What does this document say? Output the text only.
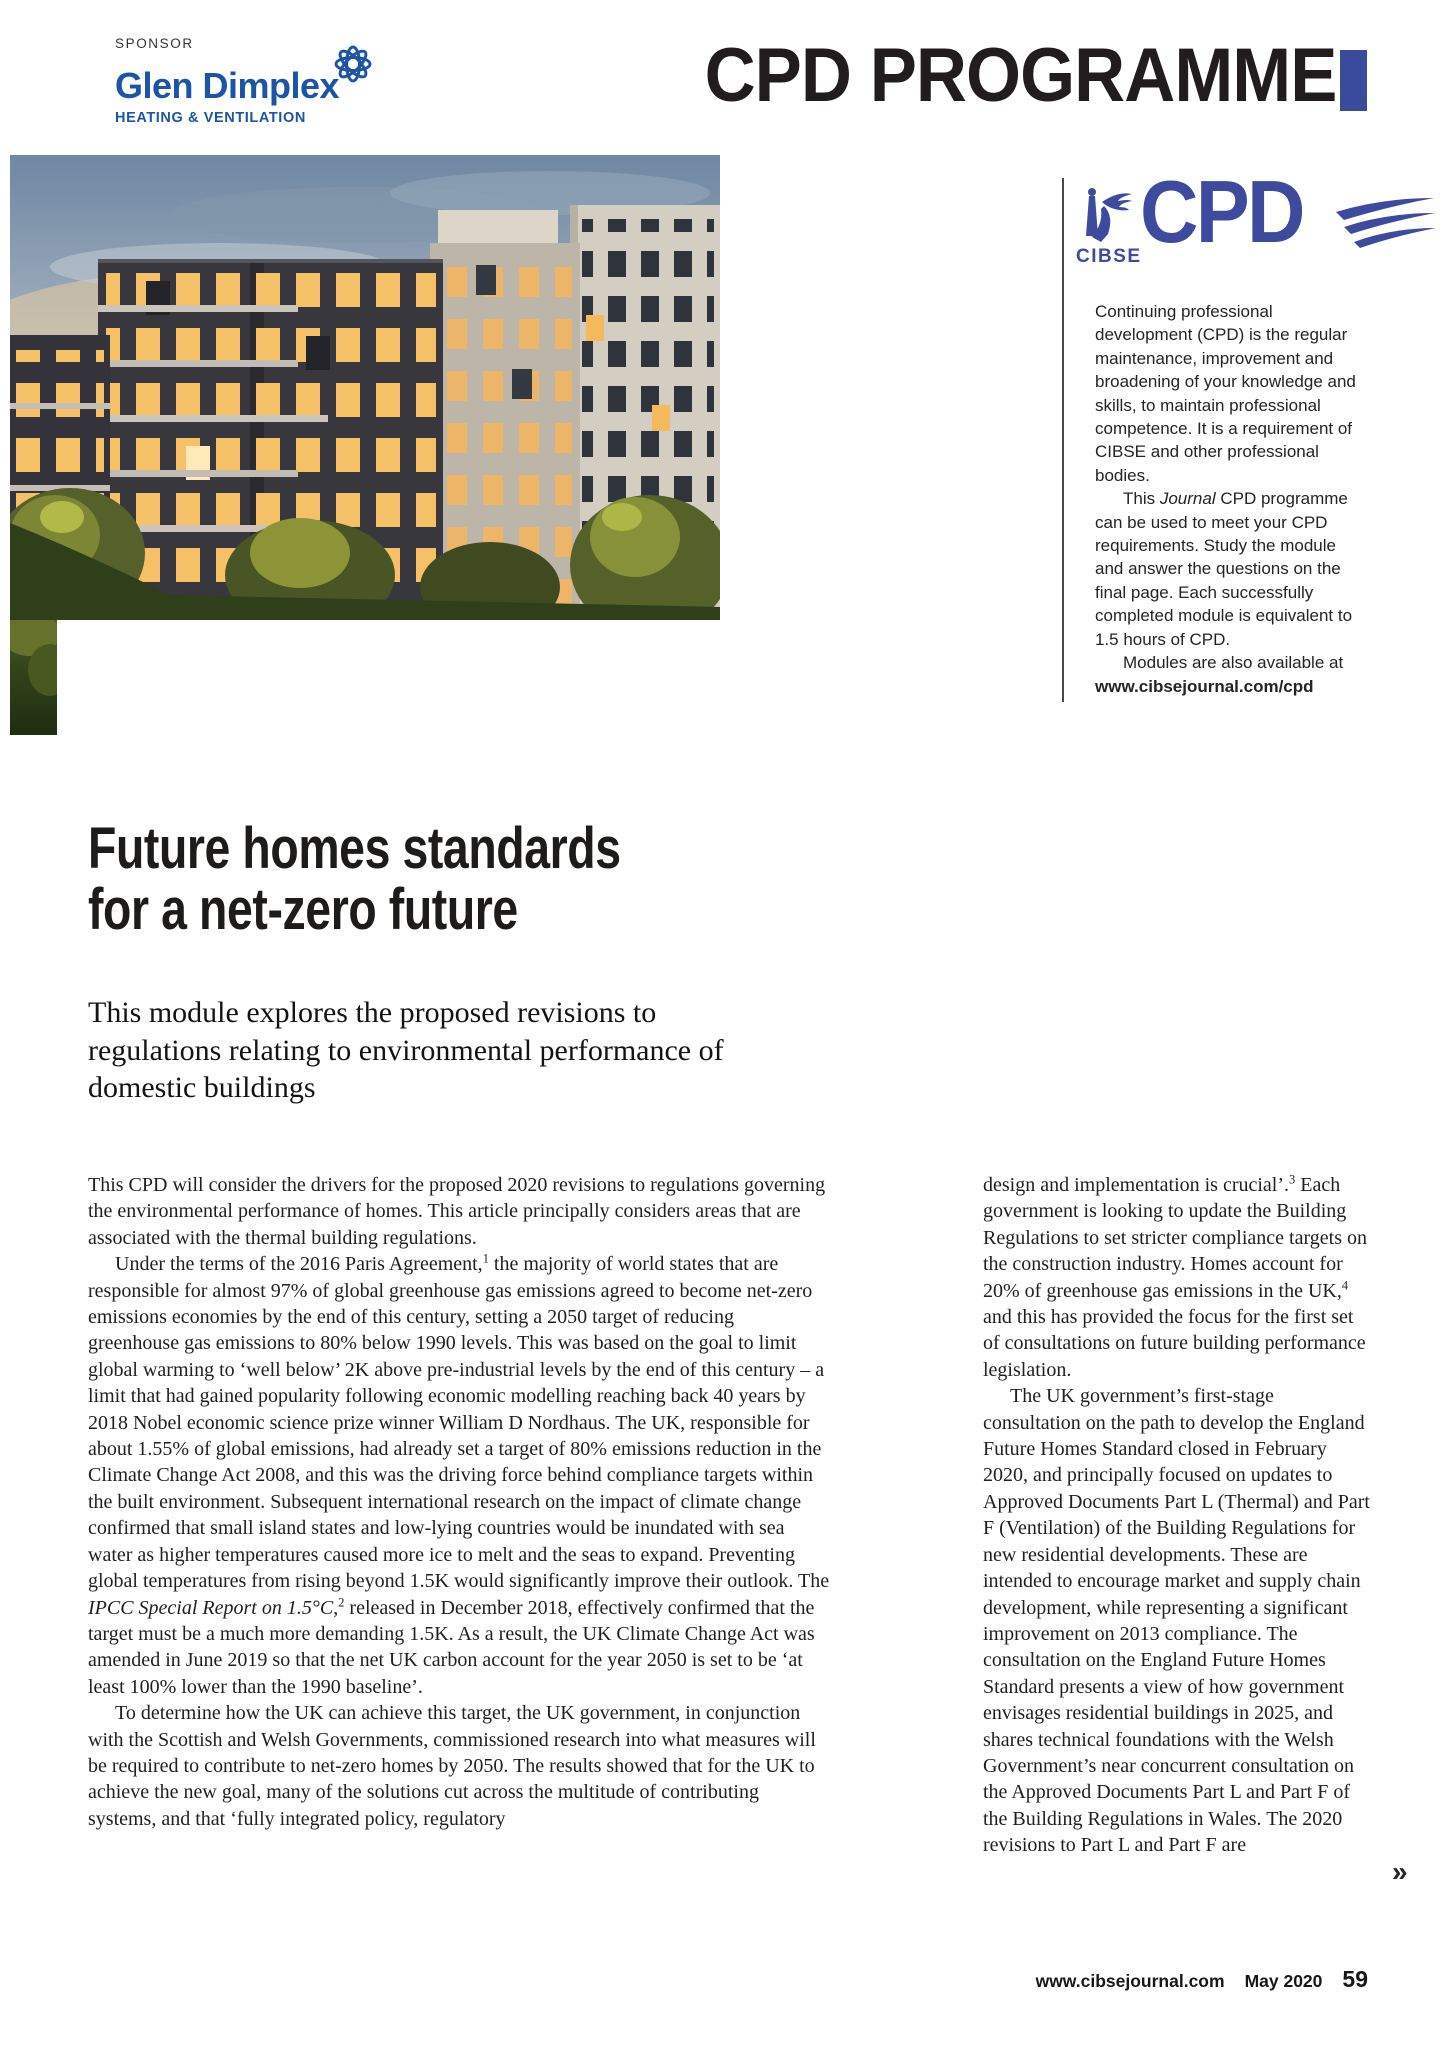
SPONSOR
Glen Dimplex
HEATING & VENTILATION	CPD PROGRAMME
CIBSE
CPD

Continuing professional development (CPD) is the regular maintenance, improvement and broadening of your knowledge and skills, to maintain professional competence. It is a requirement of CIBSE and other professional bodies.

This Journal CPD programme can be used to meet your CPD requirements. Study the module and answer the questions on the final page. Each successfully completed module is equivalent to 1.5 hours of CPD.

Modules are also available at www.cibsejournal.com/cpd

Future homes standards
for a net-zero future
This module explores the proposed revisions to regulations relating to environmental performance of domestic buildings

This CPD will consider the drivers for the proposed 2020 revisions to regulations governing the environmental performance of homes. This article principally considers areas that are associated with the thermal building regulations.

Under the terms of the 2016 Paris Agreement,$^1$ the majority of world states that are responsible for almost 97% of global greenhouse gas emissions agreed to become net-zero emissions economies by the end of this century, setting a 2050 target of reducing greenhouse gas emissions to 80% below 1990 levels. This was based on the goal to limit global warming to ‘well below’ 2K above pre-industrial levels by the end of this century – a limit that had gained popularity following economic modelling reaching back 40 years by 2018 Nobel economic science prize winner William D Nordhaus. The UK, responsible for about 1.55% of global emissions, had already set a target of 80% emissions reduction in the Climate Change Act 2008, and this was the driving force behind compliance targets within the built environment. Subsequent international research on the impact of climate change confirmed that small island states and low-lying countries would be inundated with sea water as higher temperatures caused more ice to melt and the seas to expand. Preventing global temperatures from rising beyond 1.5K would significantly improve their outlook. The IPCC Special Report on 1.5°C,$^2$ released in December 2018, effectively confirmed that the target must be a much more demanding 1.5K. As a result, the UK Climate Change Act was amended in June 2019 so that the net UK carbon account for the year 2050 is set to be ‘at least 100% lower than the 1990 baseline’.

To determine how the UK can achieve this target, the UK government, in conjunction with the Scottish and Welsh Governments, commissioned research into what measures will be required to contribute to net-zero homes by 2050. The results showed that for the UK to achieve the new goal, many of the solutions cut across the multitude of contributing systems, and that ‘fully integrated policy, regulatory

design and implementation is crucial’.$^3$ Each government is looking to update the Building Regulations to set stricter compliance targets on the construction industry. Homes account for 20% of greenhouse gas emissions in the UK,$^4$ and this has provided the focus for the first set of consultations on future building performance legislation.

The UK government’s first-stage consultation on the path to develop the England Future Homes Standard closed in February 2020, and principally focused on updates to Approved Documents Part L (Thermal) and Part F (Ventilation) of the Building Regulations for new residential developments. These are intended to encourage market and supply chain development, while representing a significant improvement on 2013 compliance. The consultation on the England Future Homes Standard presents a view of how government envisages residential buildings in 2025, and shares technical foundations with the Welsh Government’s near concurrent consultation on the Approved Documents Part L and Part F of the Building Regulations in Wales. The 2020 revisions to Part L and Part F are

»
www.cibsejournal.com May 2020 59
